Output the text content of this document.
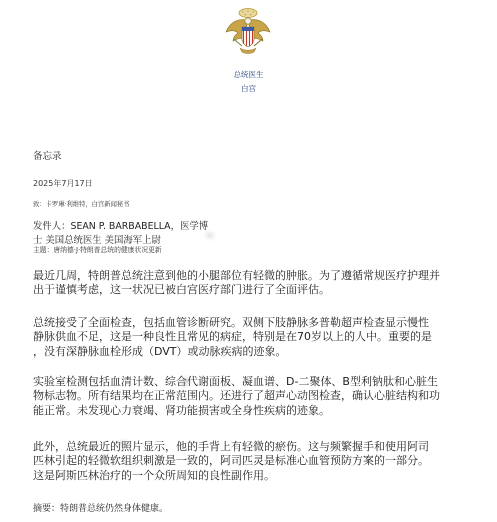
总统医生
白宫
备忘录
2025年7月17日
致：卡罗琳·利维特，白宫新闻秘书
发件人：SEAN P. BARBABELLA，医学博
士 美国总统医生 美国海军上尉
主题：唐纳德·J·特朗普总统的健康状况更新
最近几周，特朗普总统注意到他的小腿部位有轻微的肿胀。为了遵循常规医疗护理并
出于谨慎考虑，这一状况已被白宫医疗部门进行了全面评估。
总统接受了全面检查，包括血管诊断研究。双侧下肢静脉多普勒超声检查显示慢性
静脉供血不足，这是一种良性且常见的病症，特别是在70岁以上的人中。重要的是
，没有深静脉血栓形成（DVT）或动脉疾病的迹象。
实验室检测包括血清计数、综合代谢面板、凝血谱、D-二聚体、B型利钠肽和心脏生
物标志物。所有结果均在正常范围内。还进行了超声心动图检查，确认心脏结构和功
能正常。未发现心力衰竭、肾功能损害或全身性疾病的迹象。
此外，总统最近的照片显示，他的手背上有轻微的瘀伤。这与频繁握手和使用阿司
匹林引起的轻微软组织刺激是一致的，阿司匹灵是标准心血管预防方案的一部分。
这是阿斯匹林治疗的一个众所周知的良性副作用。
摘要：特朗普总统仍然身体健康。
